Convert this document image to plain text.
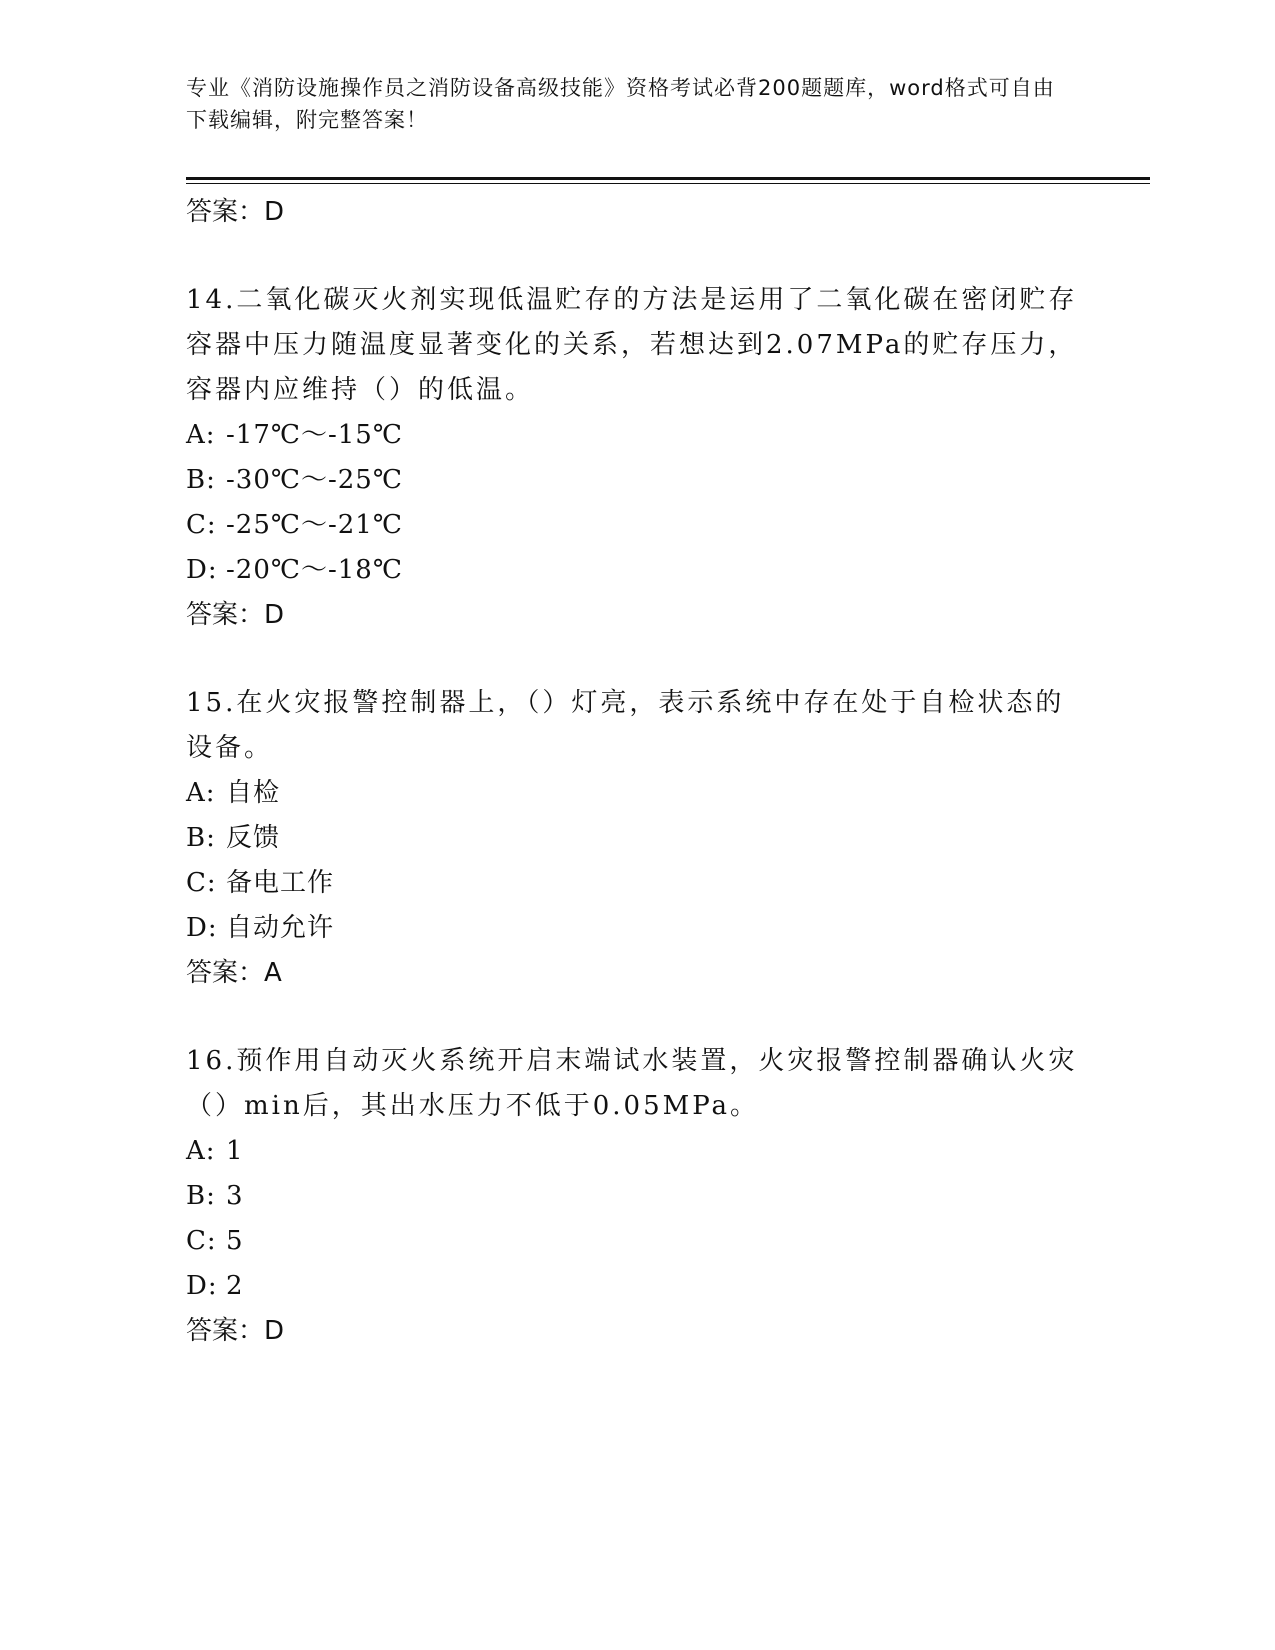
专业《消防设施操作员之消防设备高级技能》资格考试必背200题题库，word格式可自由下载编辑，附完整答案！
答案：D
14.二氧化碳灭火剂实现低温贮存的方法是运用了二氧化碳在密闭贮存容器中压力随温度显著变化的关系，若想达到2.07MPa的贮存压力，容器内应维持（）的低温。
A: -17℃～-15℃
B: -30℃～-25℃
C: -25℃～-21℃
D: -20℃～-18℃
答案：D
15.在火灾报警控制器上，（）灯亮，表示系统中存在处于自检状态的设备。
A: 自检
B: 反馈
C: 备电工作
D: 自动允许
答案：A
16.预作用自动灭火系统开启末端试水装置，火灾报警控制器确认火灾（）min后，其出水压力不低于0.05MPa。
A: 1
B: 3
C: 5
D: 2
答案：D
